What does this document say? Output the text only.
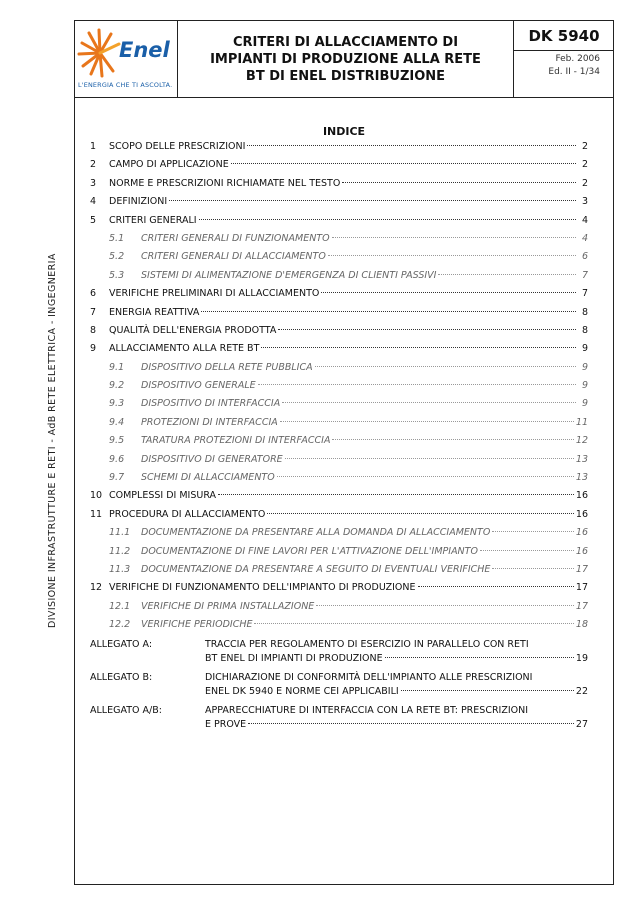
Enel
L'ENERGIA CHE TI ASCOLTA.
CRITERI DI ALLACCIAMENTO DI
IMPIANTI DI PRODUZIONE ALLA RETE
BT DI ENEL DISTRIBUZIONE
DK 5940
Feb. 2006
Ed. II - 1/34
DIVISIONE INFRASTRUTTURE E RETI - AdB RETE ELETTRICA - INGEGNERIA
INDICE
1	SCOPO DELLE PRESCRIZIONI	2
2	CAMPO DI APPLICAZIONE	2
3	NORME E PRESCRIZIONI RICHIAMATE NEL TESTO	2
4	DEFINIZIONI	3
5	CRITERI GENERALI	4
5.1	CRITERI GENERALI DI FUNZIONAMENTO	4
5.2	CRITERI GENERALI DI ALLACCIAMENTO	6
5.3	SISTEMI DI ALIMENTAZIONE D'EMERGENZA DI CLIENTI PASSIVI	7
6	VERIFICHE PRELIMINARI DI ALLACCIAMENTO	7
7	ENERGIA REATTIVA	8
8	QUALITÀ DELL'ENERGIA PRODOTTA	8
9	ALLACCIAMENTO ALLA RETE BT	9
9.1	DISPOSITIVO DELLA RETE PUBBLICA	9
9.2	DISPOSITIVO GENERALE	9
9.3	DISPOSITIVO DI INTERFACCIA	9
9.4	PROTEZIONI DI INTERFACCIA	11
9.5	TARATURA PROTEZIONI DI INTERFACCIA	12
9.6	DISPOSITIVO DI GENERATORE	13
9.7	SCHEMI DI ALLACCIAMENTO	13
10 COMPLESSI DI MISURA	16
11 PROCEDURA DI ALLACCIAMENTO	16
11.1	DOCUMENTAZIONE DA PRESENTARE ALLA DOMANDA DI ALLACCIAMENTO	16
11.2	DOCUMENTAZIONE DI FINE LAVORI PER L'ATTIVAZIONE DELL'IMPIANTO	16
11.3	DOCUMENTAZIONE DA PRESENTARE A SEGUITO DI EVENTUALI VERIFICHE	17
12 VERIFICHE DI FUNZIONAMENTO DELL'IMPIANTO DI PRODUZIONE	17
12.1	VERIFICHE DI PRIMA INSTALLAZIONE	17
12.2	VERIFICHE PERIODICHE	18
ALLEGATO A:	TRACCIA PER REGOLAMENTO DI ESERCIZIO IN PARALLELO CON RETI
BT ENEL DI IMPIANTI DI PRODUZIONE	19
ALLEGATO B:	DICHIARAZIONE DI CONFORMITÀ DELL'IMPIANTO ALLE PRESCRIZIONI
ENEL DK 5940 E NORME CEI APPLICABILI	22
ALLEGATO A/B:	APPARECCHIATURE DI INTERFACCIA CON LA RETE BT: PRESCRIZIONI
E PROVE	27
